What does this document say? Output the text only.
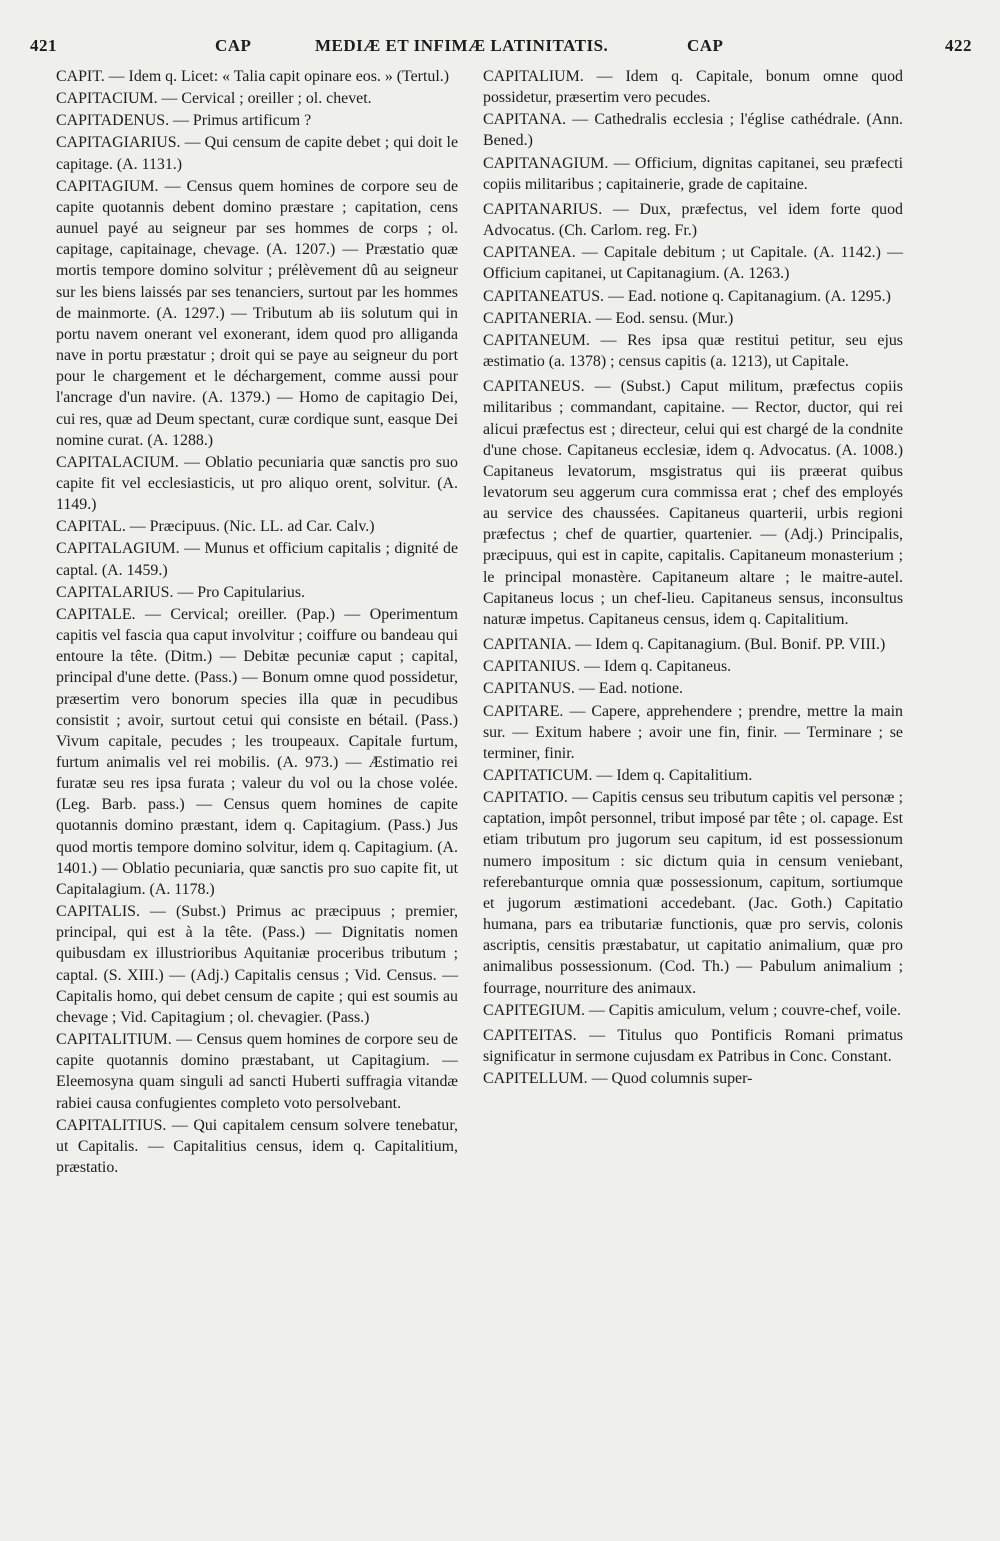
421	CAP	MEDIÆ ET INFIMÆ LATINITATIS.	CAP	422

CAPIT. — Idem q. Licet: « Talia capit opinare eos. » (Tertul.)

CAPITACIUM. — Cervical ; oreiller ; ol. chevet.

CAPITADENUS. — Primus artificum ?

CAPITAGIARIUS. — Qui censum de capite debet ; qui doit le capitage. (A. 1131.)

CAPITAGIUM. — Census quem homines de corpore seu de capite quotannis debent domino præstare ; capitation, cens aunuel payé au seigneur par ses hommes de corps ; ol. capitage, capitainage, chevage. (A. 1207.) — Præstatio quæ mortis tempore domino solvitur ; prélèvement dû au seigneur sur les biens laissés par ses tenanciers, surtout par les hommes de mainmorte. (A. 1297.) — Tributum ab iis solutum qui in portu navem onerant vel exonerant, idem quod pro alliganda nave in portu præstatur ; droit qui se paye au seigneur du port pour le chargement et le déchargement, comme aussi pour l'ancrage d'un navire. (A. 1379.) — Homo de capitagio Dei, cui res, quæ ad Deum spectant, curæ cordique sunt, easque Dei nomine curat. (A. 1288.)

CAPITALACIUM. — Oblatio pecuniaria quæ sanctis pro suo capite fit vel ecclesiasticis, ut pro aliquo orent, solvitur. (A. 1149.)

CAPITAL. — Præcipuus. (Nic. LL. ad Car. Calv.)

CAPITALAGIUM. — Munus et officium capitalis ; dignité de captal. (A. 1459.)

CAPITALARIUS. — Pro Capitularius.

CAPITALE. — Cervical; oreiller. (Pap.) — Operimentum capitis vel fascia qua caput involvitur ; coiffure ou bandeau qui entoure la tête. (Ditm.) — Debitæ pecuniæ caput ; capital, principal d'une dette. (Pass.) — Bonum omne quod possidetur, præsertim vero bonorum species illa quæ in pecudibus consistit ; avoir, surtout cetui qui consiste en bétail. (Pass.) Vivum capitale, pecudes ; les troupeaux. Capitale furtum, furtum animalis vel rei mobilis. (A. 973.) — Æstimatio rei furatæ seu res ipsa furata ; valeur du vol ou la chose volée. (Leg. Barb. pass.) — Census quem homines de capite quotannis domino præstant, idem q. Capitagium. (Pass.) Jus quod mortis tempore domino solvitur, idem q. Capitagium. (A. 1401.) — Oblatio pecuniaria, quæ sanctis pro suo capite fit, ut Capitalagium. (A. 1178.)

CAPITALIS. — (Subst.) Primus ac præcipuus ; premier, principal, qui est à la tête. (Pass.) — Dignitatis nomen quibusdam ex illustrioribus Aquitaniæ proceribus tributum ; captal. (S. XIII.) — (Adj.) Capitalis census ; Vid. Census. — Capitalis homo, qui debet censum de capite ; qui est soumis au chevage ; Vid. Capitagium ; ol. chevagier. (Pass.)

CAPITALITIUM. — Census quem homines de corpore seu de capite quotannis domino præstabant, ut Capitagium. — Eleemosyna quam singuli ad sancti Huberti suffragia vitandæ rabiei causa confugientes completo voto persolvebant.

CAPITALITIUS. — Qui capitalem censum solvere tenebatur, ut Capitalis. — Capitalitius census, idem q. Capitalitium, præstatio.

CAPITALIUM. — Idem q. Capitale, bonum omne quod possidetur, præsertim vero pecudes.

CAPITANA. — Cathedralis ecclesia ; l'église cathédrale. (Ann. Bened.)

CAPITANAGIUM. — Officium, dignitas capitanei, seu præfecti copiis militaribus ; capitainerie, grade de capitaine.

CAPITANARIUS. — Dux, præfectus, vel idem forte quod Advocatus. (Ch. Carlom. reg. Fr.)

CAPITANEA. — Capitale debitum ; ut Capitale. (A. 1142.) — Officium capitanei, ut Capitanagium. (A. 1263.)

CAPITANEATUS. — Ead. notione q. Capitanagium. (A. 1295.)

CAPITANERIA. — Eod. sensu. (Mur.)

CAPITANEUM. — Res ipsa quæ restitui petitur, seu ejus æstimatio (a. 1378) ; census capitis (a. 1213), ut Capitale.

CAPITANEUS. — (Subst.) Caput militum, præfectus copiis militaribus ; commandant, capitaine. — Rector, ductor, qui rei alicui præfectus est ; directeur, celui qui est chargé de la condnite d'une chose. Capitaneus ecclesiæ, idem q. Advocatus. (A. 1008.) Capitaneus levatorum, msgistratus qui iis præerat quibus levatorum seu aggerum cura commissa erat ; chef des employés au service des chaussées. Capitaneus quarterii, urbis regioni præfectus ; chef de quartier, quartenier. — (Adj.) Principalis, præcipuus, qui est in capite, capitalis. Capitaneum monasterium ; le principal monastère. Capitaneum altare ; le maitre-autel. Capitaneus locus ; un chef-lieu. Capitaneus sensus, inconsultus naturæ impetus. Capitaneus census, idem q. Capitalitium.

CAPITANIA. — Idem q. Capitanagium. (Bul. Bonif. PP. VIII.)

CAPITANIUS. — Idem q. Capitaneus.

CAPITANUS. — Ead. notione.

CAPITARE. — Capere, apprehendere ; prendre, mettre la main sur. — Exitum habere ; avoir une fin, finir. — Terminare ; se terminer, finir.

CAPITATICUM. — Idem q. Capitalitium.

CAPITATIO. — Capitis census seu tributum capitis vel personæ ; captation, impôt personnel, tribut imposé par tête ; ol. capage. Est etiam tributum pro jugorum seu capitum, id est possessionum numero impositum : sic dictum quia in censum veniebant, referebanturque omnia quæ possessionum, capitum, sortiumque et jugorum æstimationi accedebant. (Jac. Goth.) Capitatio humana, pars ea tributariæ functionis, quæ pro servis, colonis ascriptis, censitis præstabatur, ut capitatio animalium, quæ pro animalibus possessionum. (Cod. Th.) — Pabulum animalium ; fourrage, nourriture des animaux.

CAPITEGIUM. — Capitis amiculum, velum ; couvre-chef, voile.

CAPITEITAS. — Titulus quo Pontificis Romani primatus significatur in sermone cujusdam ex Patribus in Conc. Constant.

CAPITELLUM. — Quod columnis super-
